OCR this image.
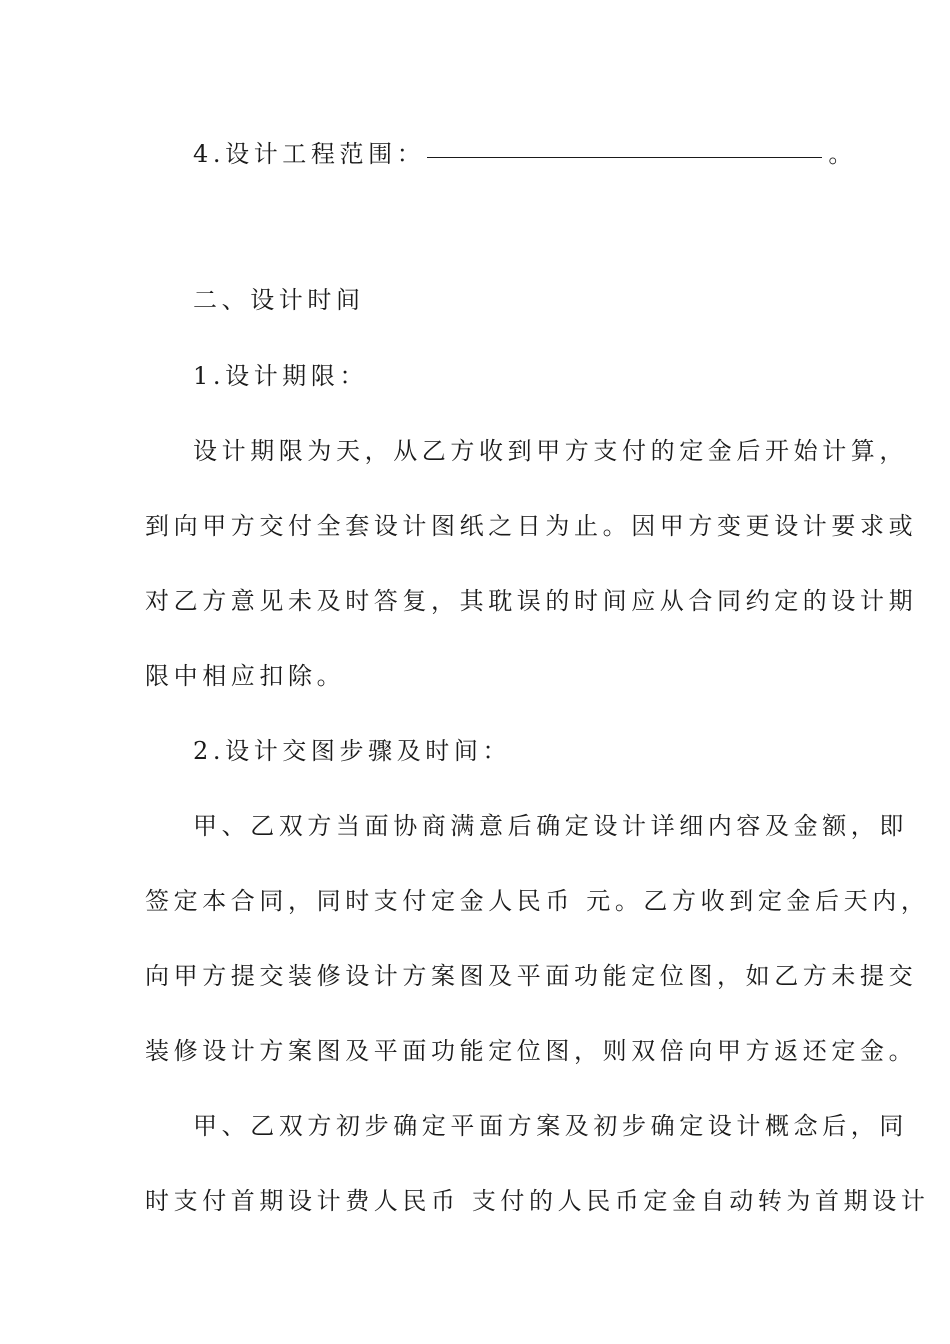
4.设计工程范围：	。
二、设计时间
1.设计期限：
设计期限为天，从乙方收到甲方支付的定金后开始计算，
到向甲方交付全套设计图纸之日为止。因甲方变更设计要求或
对乙方意见未及时答复，其耽误的时间应从合同约定的设计期
限中相应扣除。
2.设计交图步骤及时间：
甲、乙双方当面协商满意后确定设计详细内容及金额，即
签定本合同，同时支付定金人民币 元。乙方收到定金后天内，
向甲方提交装修设计方案图及平面功能定位图，如乙方未提交
装修设计方案图及平面功能定位图，则双倍向甲方返还定金。
甲、乙双方初步确定平面方案及初步确定设计概念后，同
时支付首期设计费人民币 支付的人民币定金自动转为首期设计
